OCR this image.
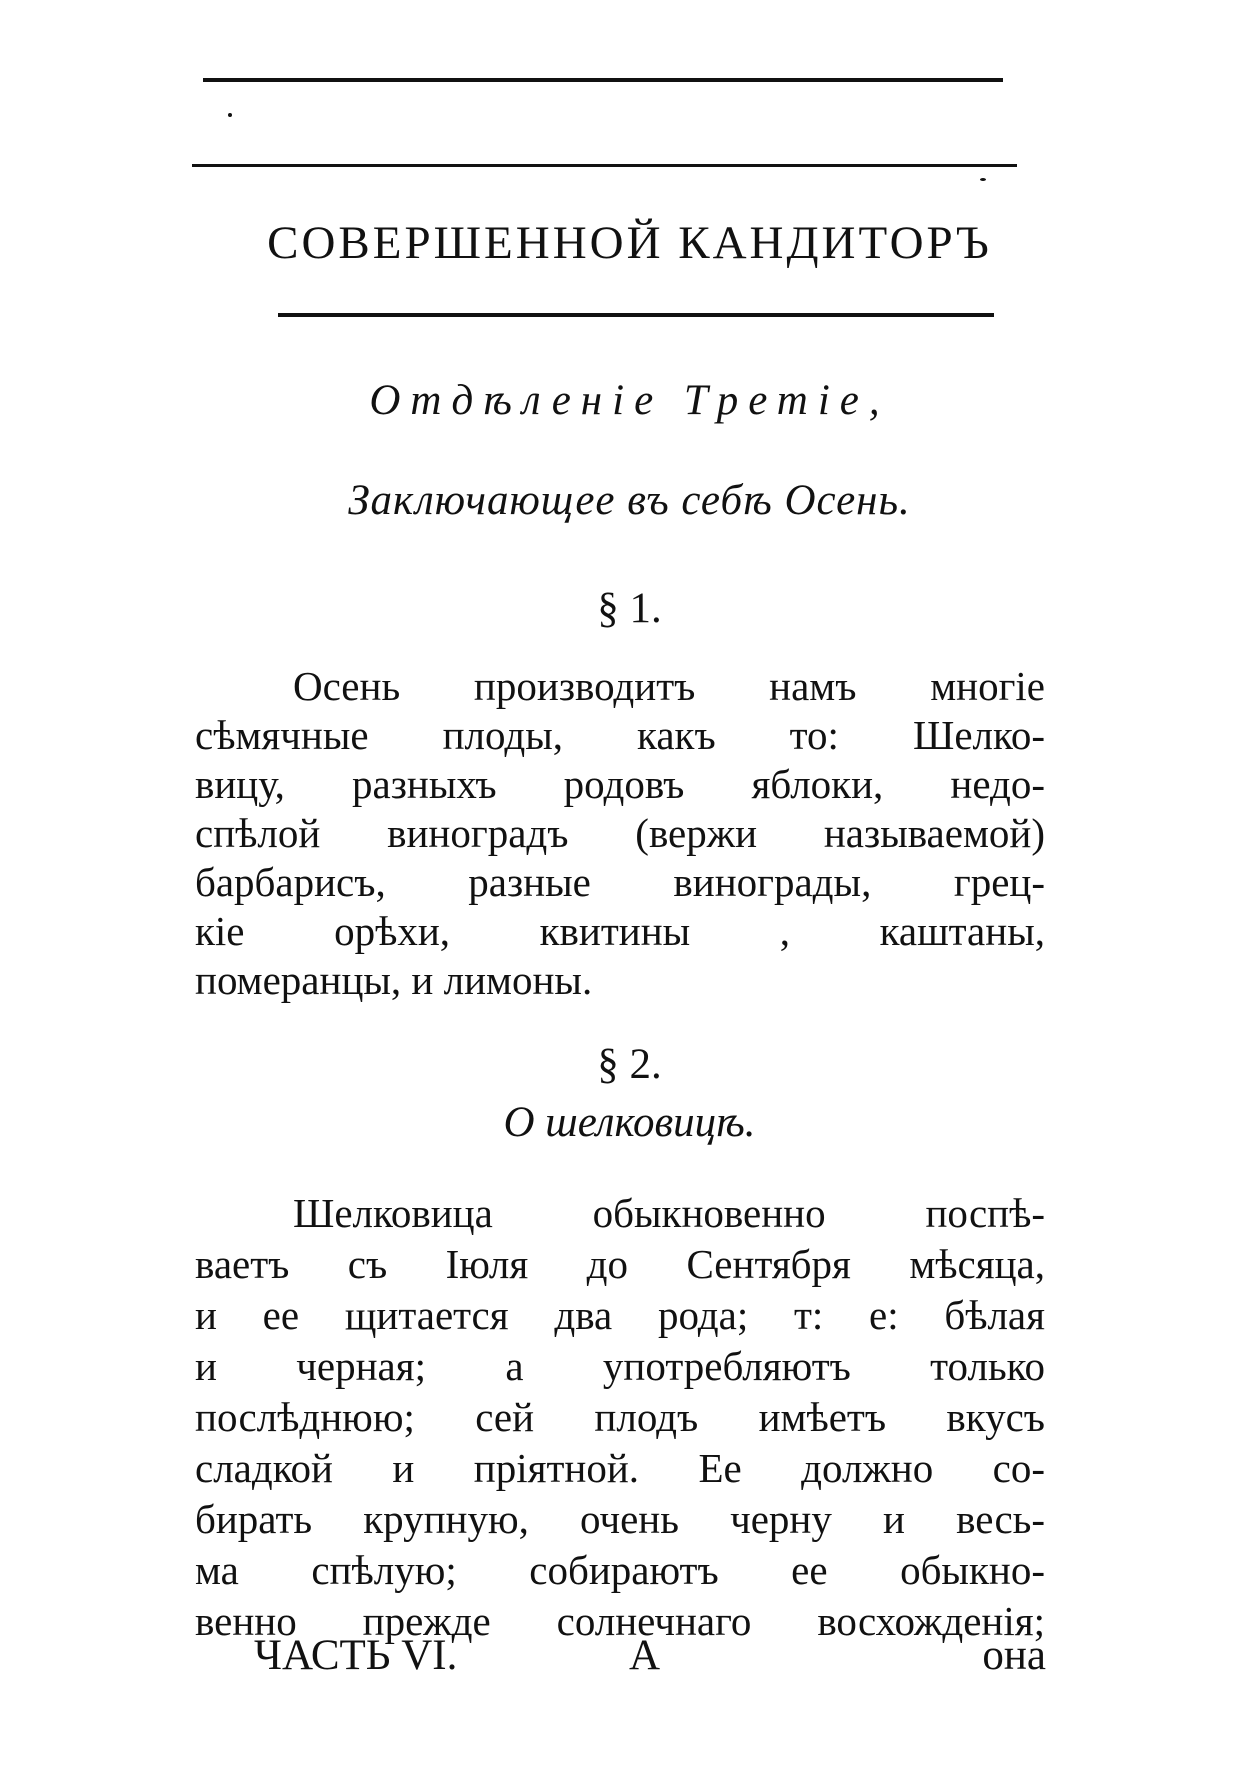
СОВЕРШЕННОЙ КАНДИТОРЪ
Отдѣленіе Третіе,
Заключающее въ себѣ Осень.
§ 1.
Осень производитъ намъ многіе
сѣмячные плоды, какъ то: Шелко-
вицу, разныхъ родовъ яблоки, недо-
спѣлой виноградъ (вержи называемой)
барбарисъ, разные винограды, грец-
кіе орѣхи, квитины , каштаны,
померанцы, и лимоны.
§ 2.
О шелковицѣ.
Шелковица обыкновенно поспѣ-
ваетъ съ Іюля до Сентября мѣсяца,
и ее щитается два рода; т: е: бѣлая
и черная; а употребляютъ только
послѣднюю; сей плодъ имѣетъ вкусъ
сладкой и пріятной. Ее должно со-
бирать крупную, очень черну и весь-
ма спѣлую; собираютъ ее обыкно-
венно прежде солнечнаго восхожденія;
ЧАСТЬ VI.	А	она
